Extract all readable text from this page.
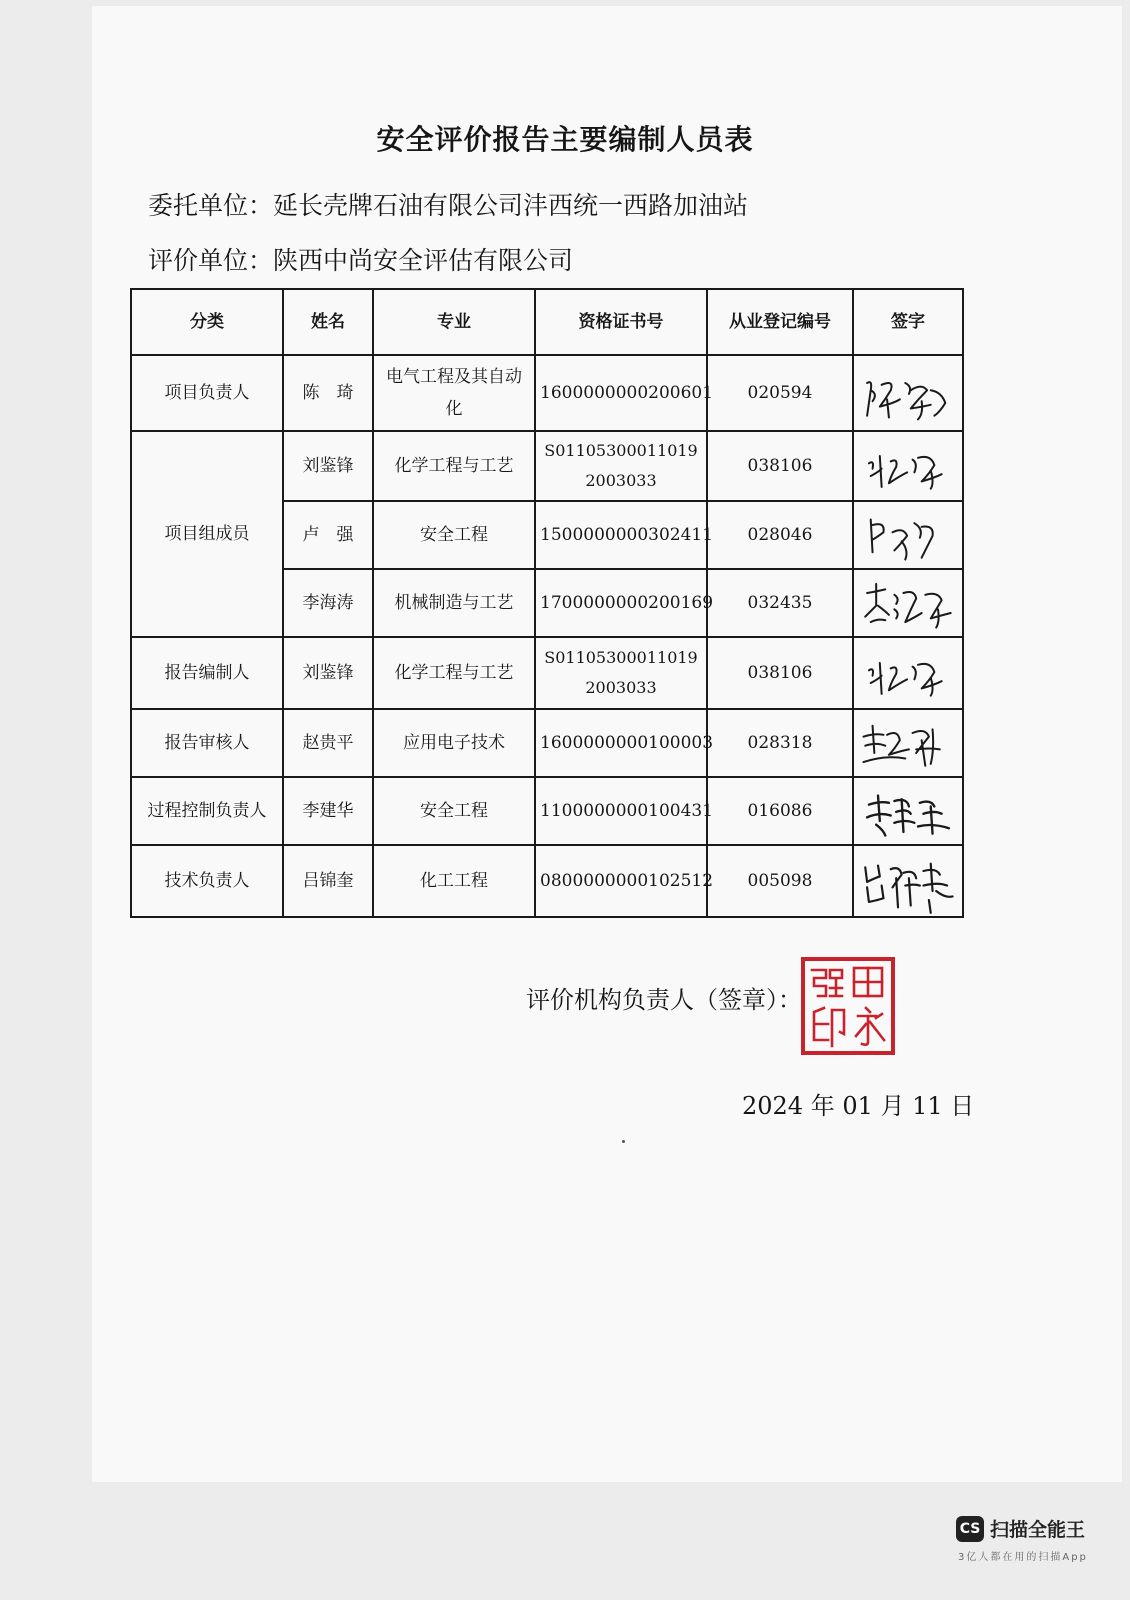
安全评价报告主要编制人员表
委托单位：延长壳牌石油有限公司沣西统一西路加油站
评价单位：陕西中尚安全评估有限公司
分类	姓名	专业	资格证书号	从业登记编号	签字
项目负责人	陈　琦	电气工程及其自动化	1600000000200601	020594	

项目组成员	刘鉴锋	化学工程与工艺	S011053000110192003033	038106	

	卢　强	安全工程	1500000000302411	028046	

	李海涛	机械制造与工艺	1700000000200169	032435	

报告编制人	刘鉴锋	化学工程与工艺	S011053000110192003033	038106	

报告审核人	赵贵平	应用电子技术	1600000000100003	028318	

过程控制负责人	李建华	安全工程	1100000000100431	016086	

技术负责人	吕锦奎	化工工程	0800000000102512	005098	
评价机构负责人（签章）：
2024 年 01 月 11 日
CS 扫描全能王
3亿人都在用的扫描App
